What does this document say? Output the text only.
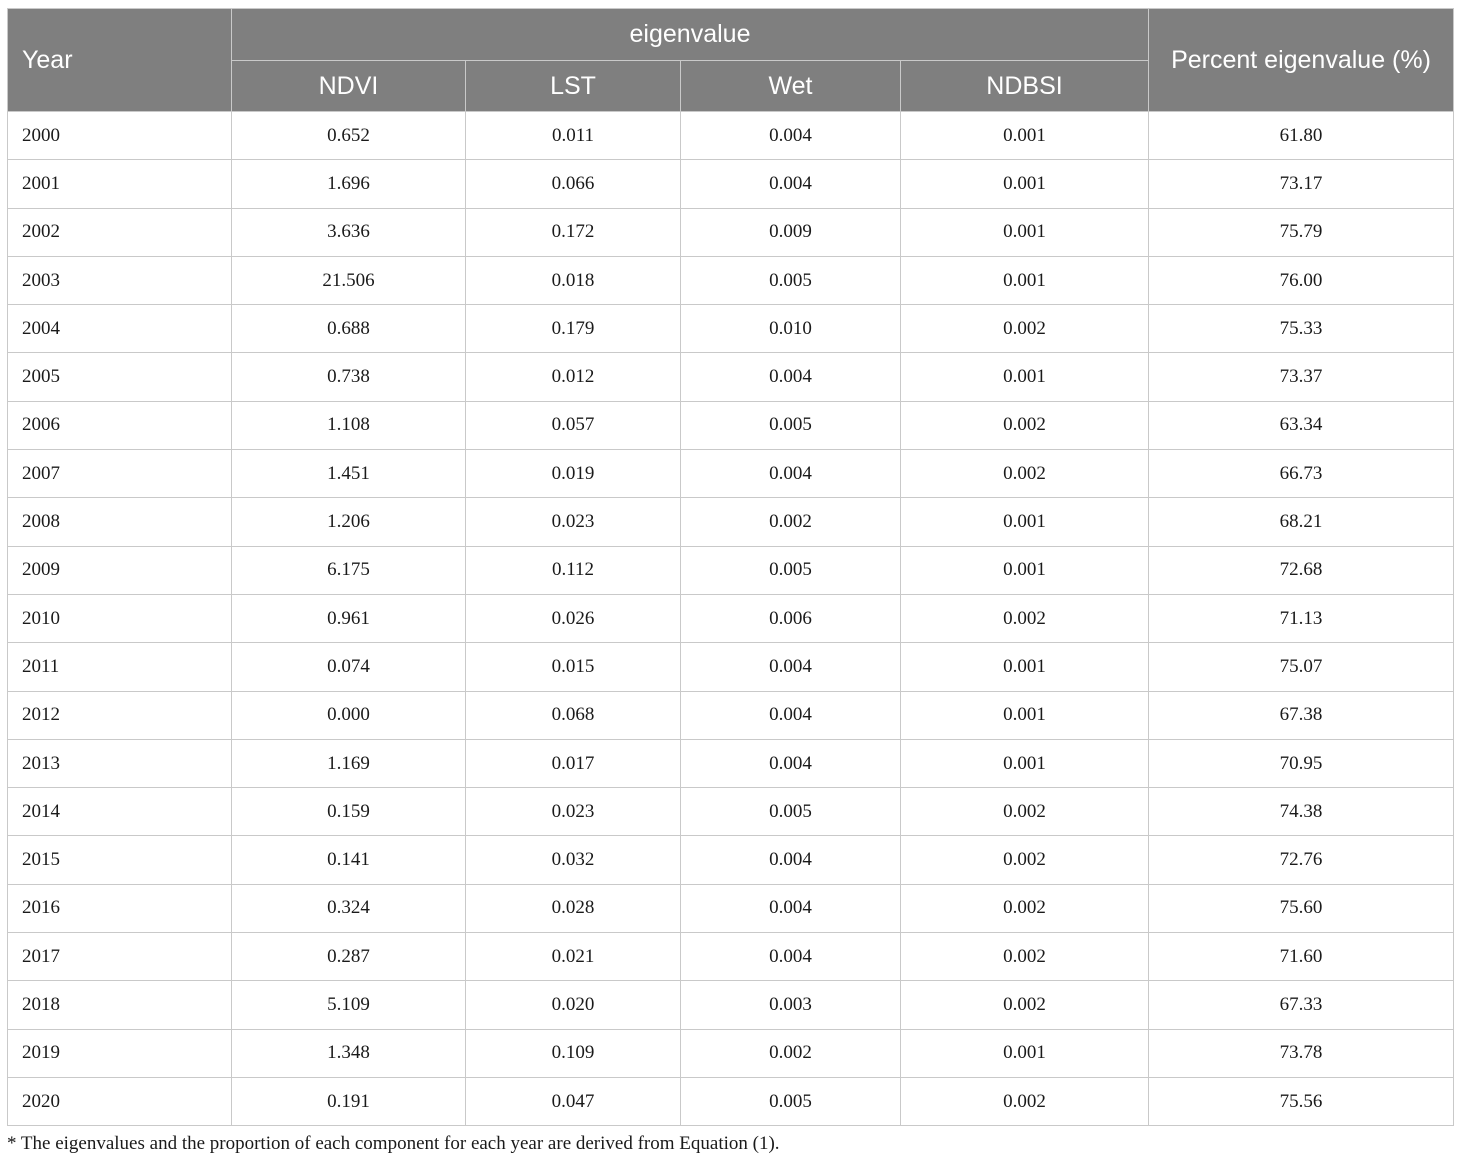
Year	eigenvalue				Percent eigenvalue (%)
	NDVI	LST	Wet	NDBSI	
2000	0.652	0.011	0.004	0.001	61.80
2001	1.696	0.066	0.004	0.001	73.17
2002	3.636	0.172	0.009	0.001	75.79
2003	21.506	0.018	0.005	0.001	76.00
2004	0.688	0.179	0.010	0.002	75.33
2005	0.738	0.012	0.004	0.001	73.37
2006	1.108	0.057	0.005	0.002	63.34
2007	1.451	0.019	0.004	0.002	66.73
2008	1.206	0.023	0.002	0.001	68.21
2009	6.175	0.112	0.005	0.001	72.68
2010	0.961	0.026	0.006	0.002	71.13
2011	0.074	0.015	0.004	0.001	75.07
2012	0.000	0.068	0.004	0.001	67.38
2013	1.169	0.017	0.004	0.001	70.95
2014	0.159	0.023	0.005	0.002	74.38
2015	0.141	0.032	0.004	0.002	72.76
2016	0.324	0.028	0.004	0.002	75.60
2017	0.287	0.021	0.004	0.002	71.60
2018	5.109	0.020	0.003	0.002	67.33
2019	1.348	0.109	0.002	0.001	73.78
2020	0.191	0.047	0.005	0.002	75.56
* The eigenvalues and the proportion of each component for each year are derived from Equation (1).
